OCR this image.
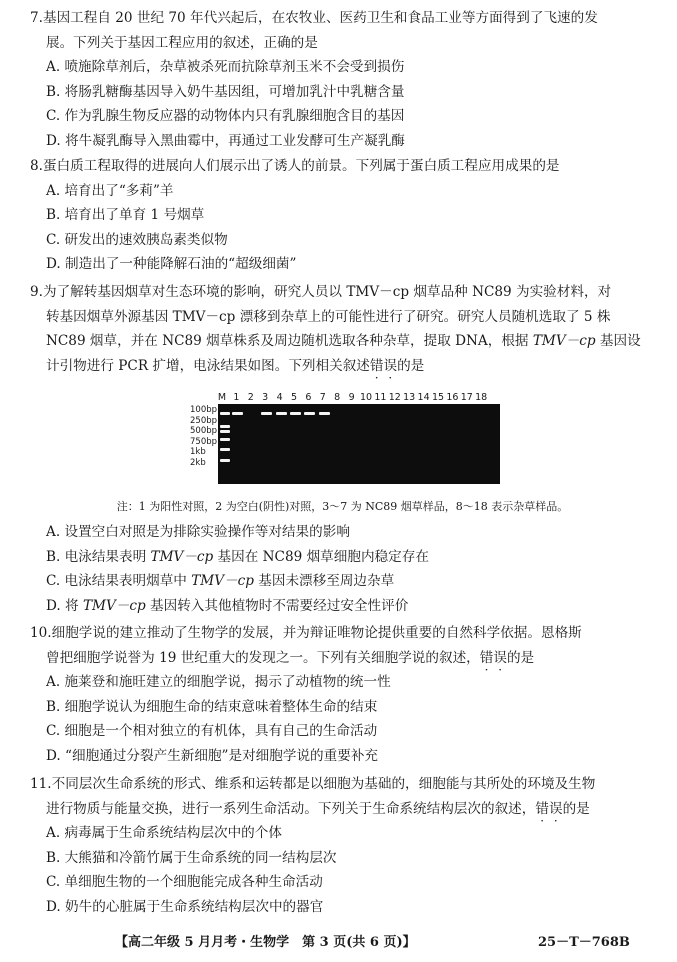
7.基因工程自 20 世纪 70 年代兴起后，在农牧业、医药卫生和食品工业等方面得到了飞速的发
展。下列关于基因工程应用的叙述，正确的是
A. 喷施除草剂后，杂草被杀死而抗除草剂玉米不会受到损伤
B. 将肠乳糖酶基因导入奶牛基因组，可增加乳汁中乳糖含量
C. 作为乳腺生物反应器的动物体内只有乳腺细胞含目的基因
D. 将牛凝乳酶导入黑曲霉中，再通过工业发酵可生产凝乳酶
8.蛋白质工程取得的进展向人们展示出了诱人的前景。下列属于蛋白质工程应用成果的是
A. 培育出了“多莉”羊
B. 培育出了单育 1 号烟草
C. 研发出的速效胰岛素类似物
D. 制造出了一种能降解石油的“超级细菌”
9.为了解转基因烟草对生态环境的影响，研究人员以 TMV－cp 烟草品种 NC89 为实验材料，对
转基因烟草外源基因 TMV－cp 漂移到杂草上的可能性进行了研究。研究人员随机选取了 5 株
NC89 烟草，并在 NC89 烟草株系及周边随机选取各种杂草，提取 DNA，根据 TMV－cp 基因设
计引物进行 PCR 扩增，电泳结果如图。下列相关叙述错误的是
M 1 2 3 4 5 6 7 8 9 10 11 12 13 14 15 16 17 18
100bp
250bp
500bp
750bp
1kb
2kb
注：1 为阳性对照，2 为空白(阴性)对照，3～7 为 NC89 烟草样品，8～18 表示杂草样品。
A. 设置空白对照是为排除实验操作等对结果的影响
B. 电泳结果表明 TMV－cp 基因在 NC89 烟草细胞内稳定存在
C. 电泳结果表明烟草中 TMV－cp 基因未漂移至周边杂草
D. 将 TMV－cp 基因转入其他植物时不需要经过安全性评价
10.细胞学说的建立推动了生物学的发展，并为辩证唯物论提供重要的自然科学依据。恩格斯
曾把细胞学说誉为 19 世纪重大的发现之一。下列有关细胞学说的叙述，错误的是
A. 施莱登和施旺建立的细胞学说，揭示了动植物的统一性
B. 细胞学说认为细胞生命的结束意味着整体生命的结束
C. 细胞是一个相对独立的有机体，具有自己的生命活动
D. “细胞通过分裂产生新细胞”是对细胞学说的重要补充
11.不同层次生命系统的形式、维系和运转都是以细胞为基础的，细胞能与其所处的环境及生物
进行物质与能量交换，进行一系列生命活动。下列关于生命系统结构层次的叙述，错误的是
A. 病毒属于生命系统结构层次中的个体
B. 大熊猫和冷箭竹属于生命系统的同一结构层次
C. 单细胞生物的一个细胞能完成各种生命活动
D. 奶牛的心脏属于生命系统结构层次中的器官
【高二年级 5 月月考・生物学　第 3 页(共 6 页)】	25－T－768B
